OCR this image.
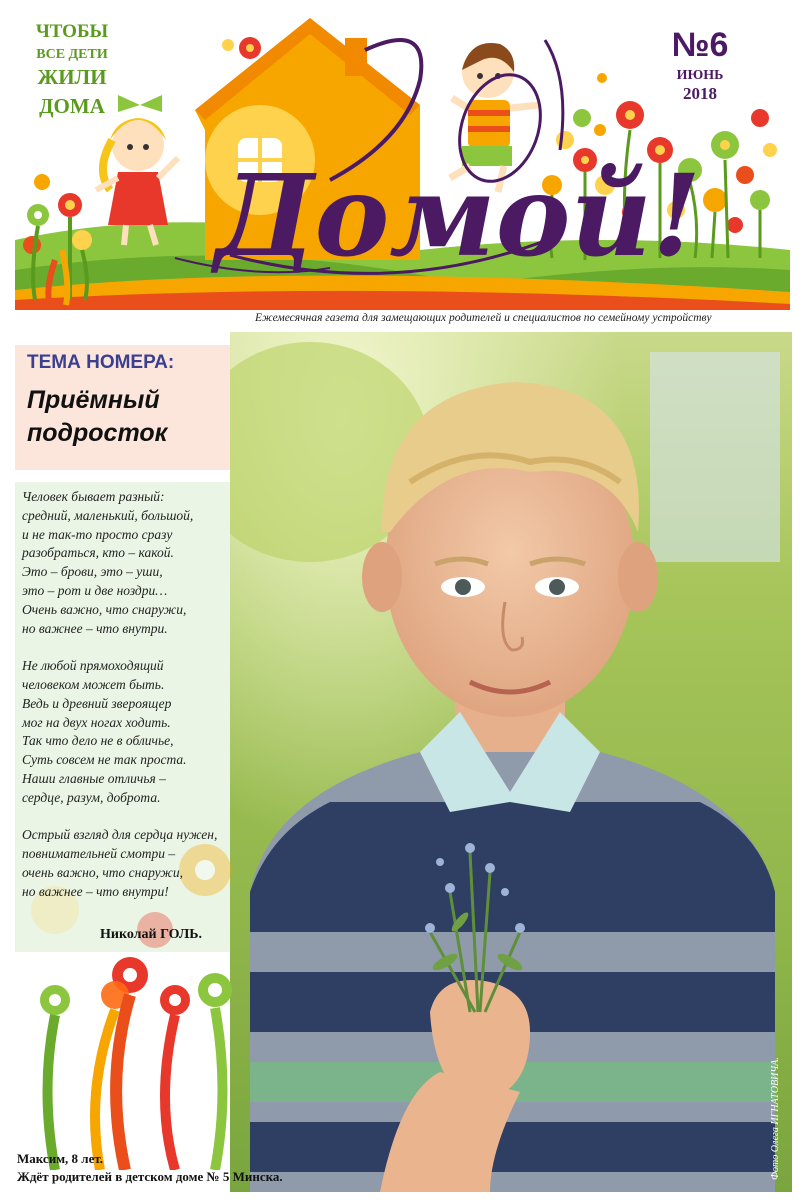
Домой!
ЧТОБЫ
ВСЕ ДЕТИ
ЖИЛИ
ДОМА
№6
ИЮНЬ
2018
Ежемесячная газета для замещающих родителей и специалистов по семейному устройству
Фото Олега ИГНАТОВИЧА.
ТЕМА НОМЕРА:
Приёмный подросток

Человек бывает разный:
средний, маленький, большой,
и не так-то просто сразу
разобраться, кто – какой.
Это – брови, это – уши,
это – рот и две ноздри…
Очень важно, что снаружи,
но важнее – что внутри.

Не любой прямоходящий
человеком может быть.
Ведь и древний звероящер
мог на двух ногах ходить.
Так что дело не в обличье,
Суть совсем не так проста.
Наши главные отличья –
сердце, разум, доброта.

Острый взгляд для сердца нужен,
повнимательней смотри –
очень важно, что снаружи,
но важнее – что внутри!

Николай ГОЛЬ.
Максим, 8 лет.
Ждёт родителей в детском доме № 5 Минска.
